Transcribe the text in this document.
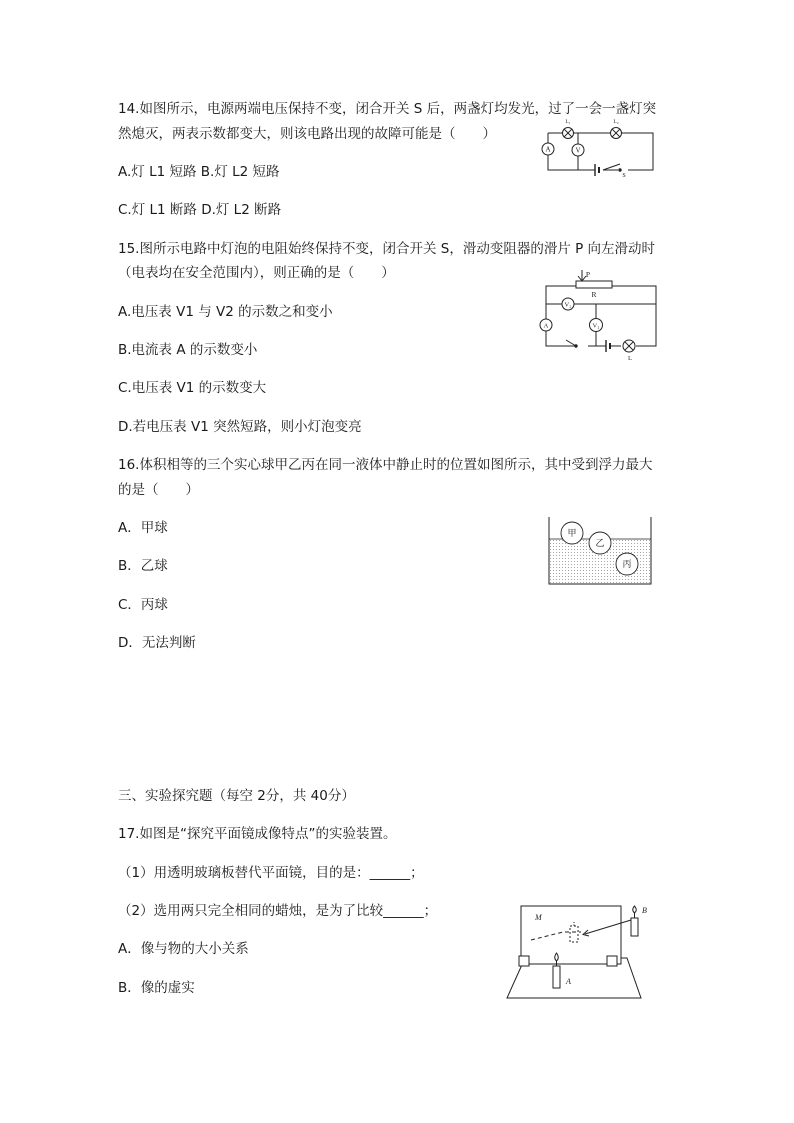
14.如图所示，电源两端电压保持不变，闭合开关 S 后，两盏灯均发光，过了一会一盏灯突
然熄灭，两表示数都变大，则该电路出现的故障可能是（　　）
A.灯 L1 短路 B.灯 L2 短路
C.灯 L1 断路 D.灯 L2 断路
A	V
L₁	L₂
S
15.图所示电路中灯泡的电阻始终保持不变，闭合开关 S，滑动变阻器的滑片 P 向左滑动时
（电表均在安全范围内），则正确的是（　　）
A.电压表 V1 与 V2 的示数之和变小
B.电流表 A 的示数变小
C.电压表 V1 的示数变大
D.若电压表 V1 突然短路，则小灯泡变亮
P
R
V₂
V₁
A
L
16.体积相等的三个实心球甲乙丙在同一液体中静止时的位置如图所示，其中受到浮力最大
的是（　　）
A．甲球
B．乙球
C．丙球
D．无法判断
甲
乙
丙
三、实验探究题（每空 2分，共 40分）
17.如图是“探究平面镜成像特点”的实验装置。
（1）用透明玻璃板替代平面镜，目的是：______；
（2）选用两只完全相同的蜡烛，是为了比较______；
A．像与物的大小关系
B．像的虚实
M
A
B
